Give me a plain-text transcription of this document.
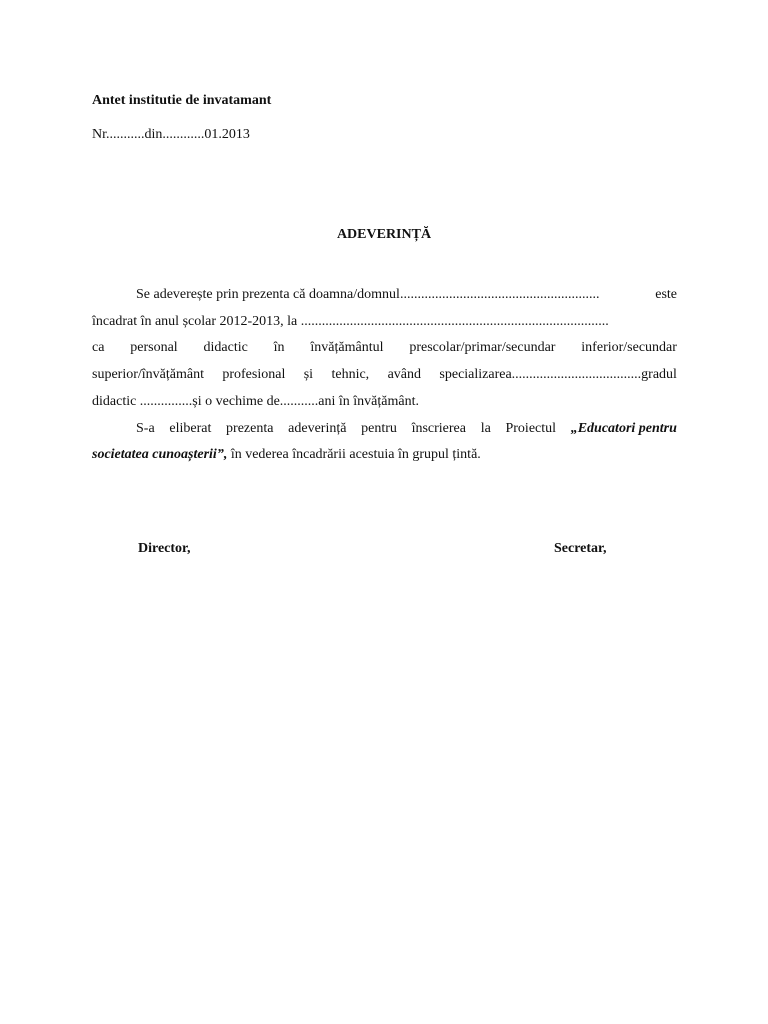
Antet institutie de invatamant
Nr...........din............01.2013
ADEVERINȚĂ
Se adeverește prin prezenta că doamna/domnul.........................................................	este
încadrat în anul școlar 2012-2013, la ........................................................................................
ca personal didactic în învățământul prescolar/primar/secundar inferior/secundar
superior/învățământ profesional și tehnic, având specializarea.....................................gradul
didactic ...............și o vechime de...........ani în învățământ.
S-a eliberat prezenta adeverință pentru înscrierea la Proiectul „Educatori pentru
societatea cunoașterii”, în vederea încadrării acestuia în grupul țintă.
Director,	Secretar,
